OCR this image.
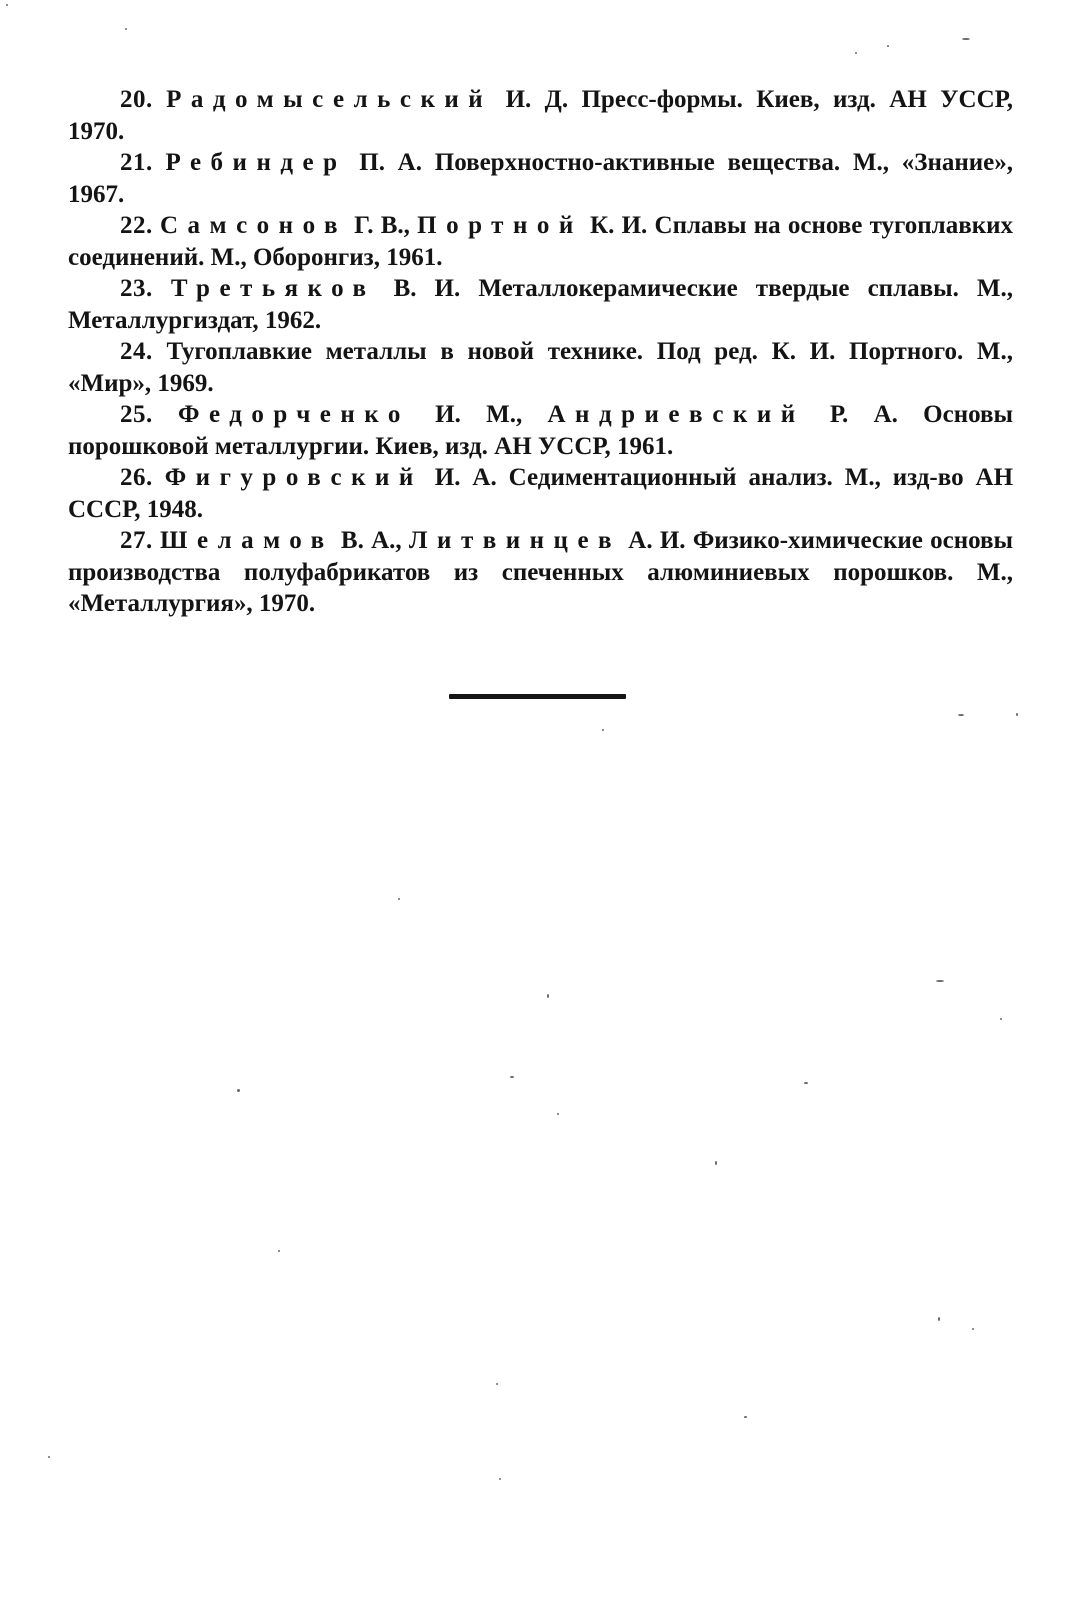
20. Радомысельский И. Д. Пресс-формы. Киев, изд. АН УССР, 1970.

21. Ребиндер П. А. Поверхностно-активные вещества. М., «Знание», 1967.

22. Самсонов Г. В., Портной К. И. Сплавы на основе тугоплавких соединений. М., Оборонгиз, 1961.

23. Третьяков В. И. Металлокерамические твердые сплавы. М., Металлургиздат, 1962.

24. Тугоплавкие металлы в новой технике. Под ред. К. И. Портного. М., «Мир», 1969.

25. Федорченко И. М., Андриевский Р. А. Основы порошковой металлургии. Киев, изд. АН УССР, 1961.

26. Фигуровский И. А. Седиментационный анализ. М., изд-во АН СССР, 1948.

27. Шеламов В. А., Литвинцев А. И. Физико-химические основы производства полуфабрикатов из спеченных алюминиевых порошков. М., «Металлургия», 1970.
